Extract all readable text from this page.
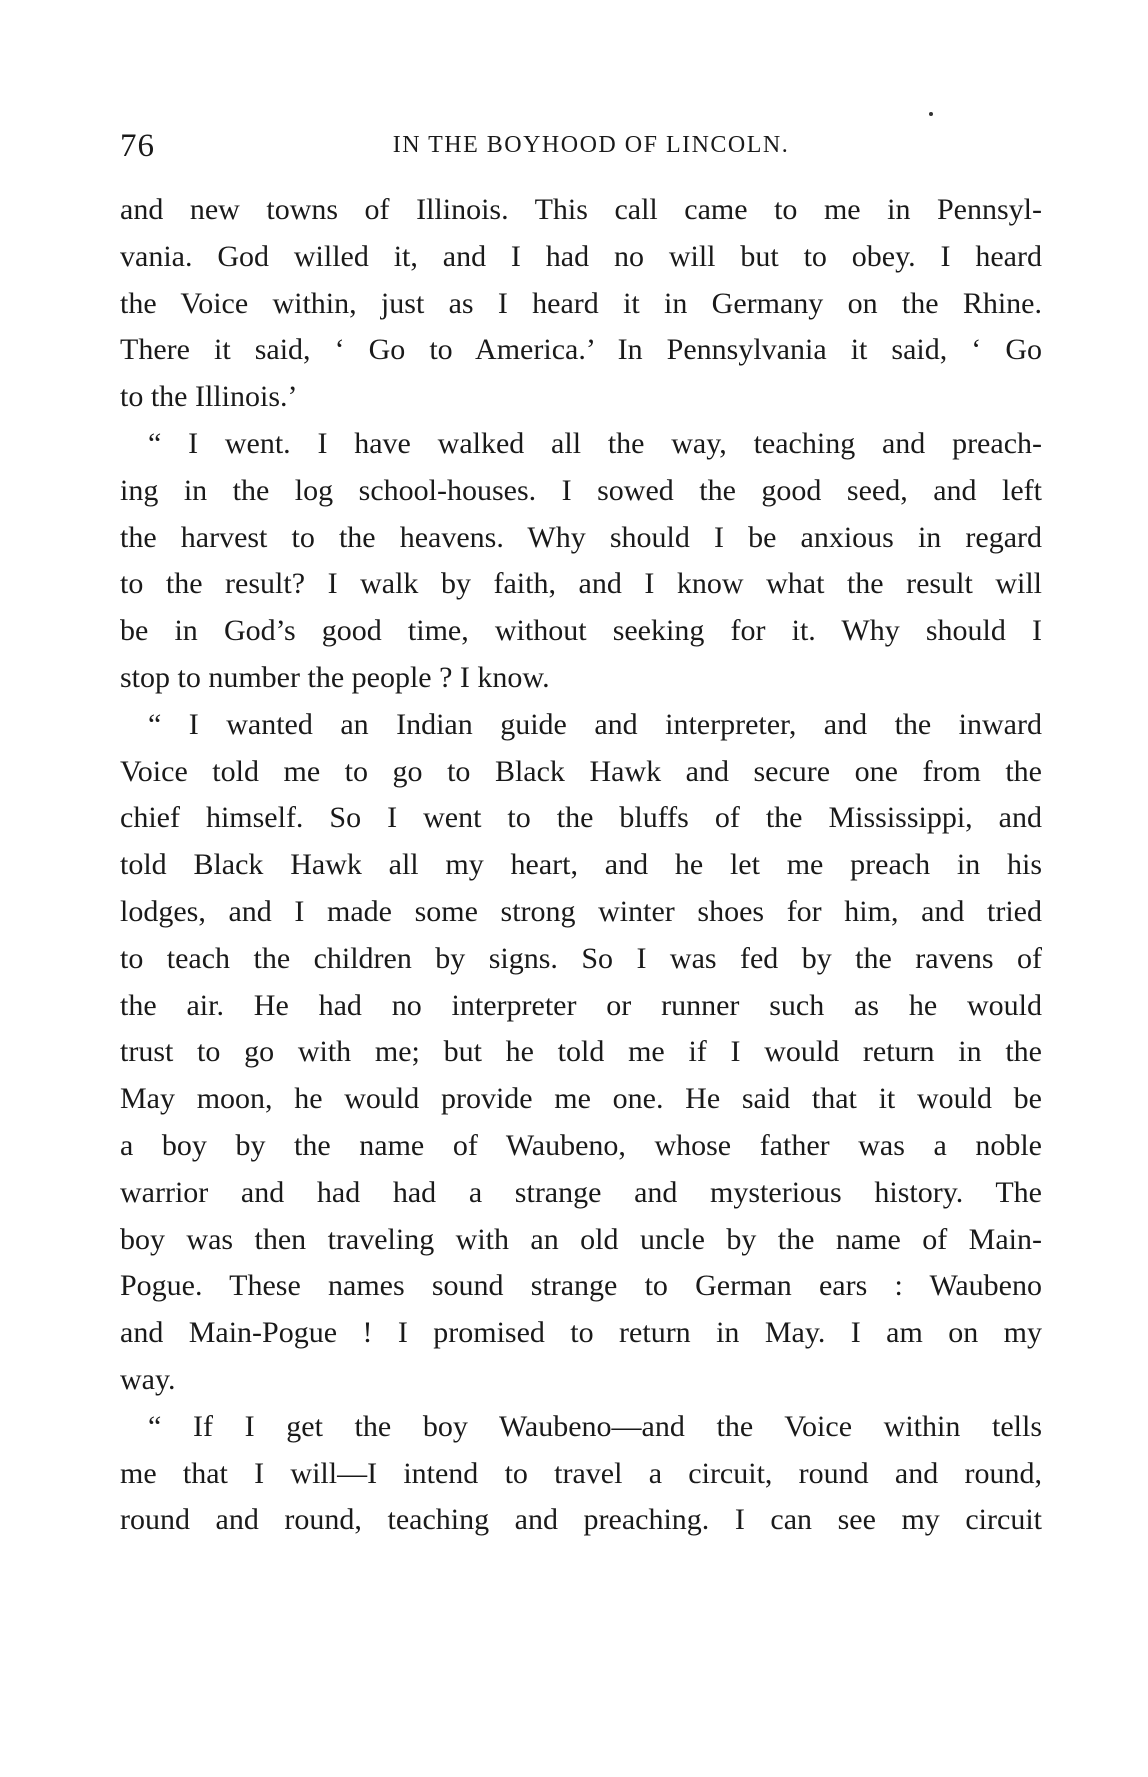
76	IN THE BOYHOOD OF LINCOLN.

and new towns of Illinois. This call came to me in Pennsyl-

vania. God willed it, and I had no will but to obey. I heard

the Voice within, just as I heard it in Germany on the Rhine.

There it said, ‘ Go to America.’ In Pennsylvania it said, ‘ Go

to the Illinois.’

“ I went. I have walked all the way, teaching and preach-

ing in the log school-houses. I sowed the good seed, and left

the harvest to the heavens. Why should I be anxious in regard

to the result? I walk by faith, and I know what the result will

be in God’s good time, without seeking for it. Why should I

stop to number the people ? I know.

“ I wanted an Indian guide and interpreter, and the inward

Voice told me to go to Black Hawk and secure one from the

chief himself. So I went to the bluffs of the Mississippi, and

told Black Hawk all my heart, and he let me preach in his

lodges, and I made some strong winter shoes for him, and tried

to teach the children by signs. So I was fed by the ravens of

the air. He had no interpreter or runner such as he would

trust to go with me; but he told me if I would return in the

May moon, he would provide me one. He said that it would be

a boy by the name of Waubeno, whose father was a noble

warrior and had had a strange and mysterious history. The

boy was then traveling with an old uncle by the name of Main-

Pogue. These names sound strange to German ears : Waubeno

and Main-Pogue ! I promised to return in May. I am on my

way.

“ If I get the boy Waubeno—and the Voice within tells

me that I will—I intend to travel a circuit, round and round,

round and round, teaching and preaching. I can see my circuit
